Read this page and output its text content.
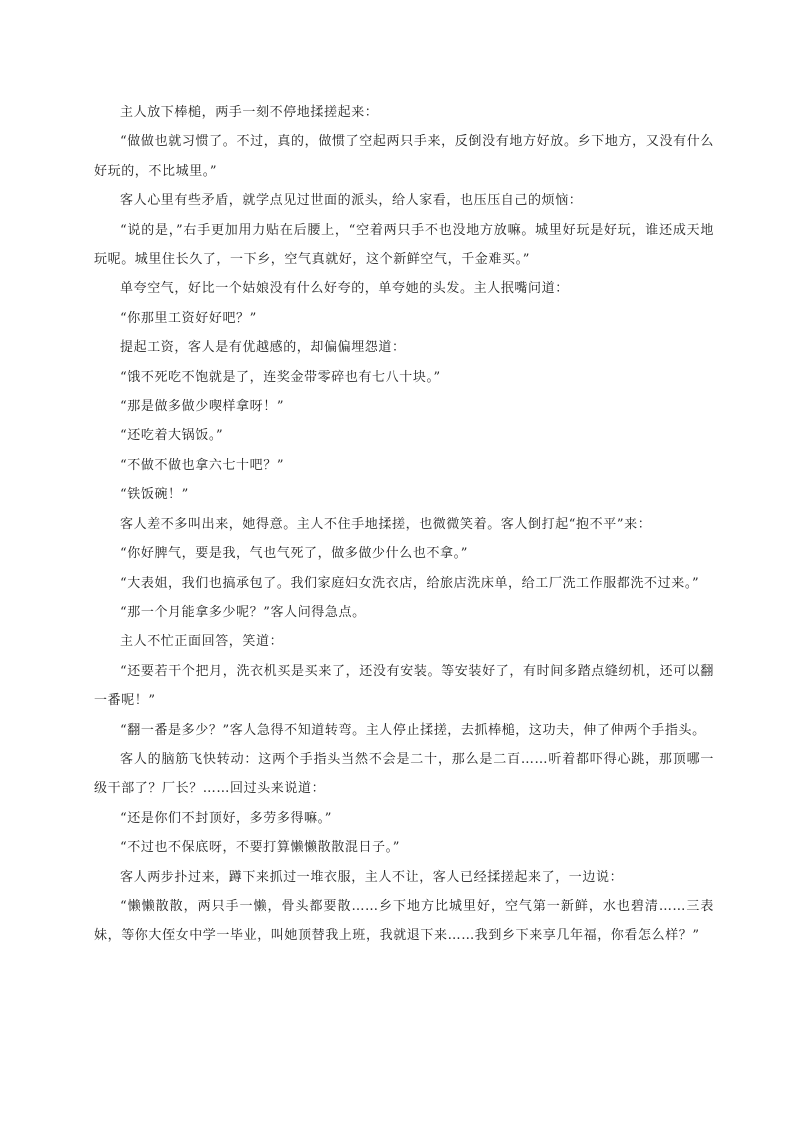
主人放下棒槌，两手一刻不停地揉搓起来：

“做做也就习惯了。不过，真的，做惯了空起两只手来，反倒没有地方好放。乡下地方，又没有什么好玩的，不比城里。”

客人心里有些矛盾，就学点见过世面的派头，给人家看，也压压自己的烦恼：

“说的是，”右手更加用力贴在后腰上，“空着两只手不也没地方放嘛。城里好玩是好玩，谁还成天地玩呢。城里住长久了，一下乡，空气真就好，这个新鲜空气，千金难买。”

单夸空气，好比一个姑娘没有什么好夸的，单夸她的头发。主人抿嘴问道：

“你那里工资好好吧？”

提起工资，客人是有优越感的，却偏偏埋怨道：

“饿不死吃不饱就是了，连奖金带零碎也有七八十块。”

“那是做多做少喫样拿呀！”

“还吃着大锅饭。”

“不做不做也拿六七十吧？”

“铁饭碗！”

客人差不多叫出来，她得意。主人不住手地揉搓，也微微笑着。客人倒打起“抱不平”来：

“你好脾气，要是我，气也气死了，做多做少什么也不拿。”

“大表姐，我们也搞承包了。我们家庭妇女洗衣店，给旅店洗床单，给工厂洗工作服都洗不过来。”

“那一个月能拿多少呢？”客人问得急点。

主人不忙正面回答，笑道：

“还要若干个把月，洗衣机买是买来了，还没有安装。等安装好了，有时间多踏点缝纫机，还可以翻一番呢！”

“翻一番是多少？”客人急得不知道转弯。主人停止揉搓，去抓棒槌，这功夫，伸了伸两个手指头。

客人的脑筋飞快转动：这两个手指头当然不会是二十，那么是二百……听着都吓得心跳，那顶哪一级干部了？厂长？……回过头来说道：

“还是你们不封顶好，多劳多得嘛。”

“不过也不保底呀，不要打算懒懒散散混日子。”

客人两步扑过来，蹲下来抓过一堆衣服，主人不让，客人已经揉搓起来了，一边说：

“懒懒散散，两只手一懒，骨头都要散……乡下地方比城里好，空气第一新鲜，水也碧清……三表妹，等你大侄女中学一毕业，叫她顶替我上班，我就退下来……我到乡下来享几年福，你看怎么样？”
